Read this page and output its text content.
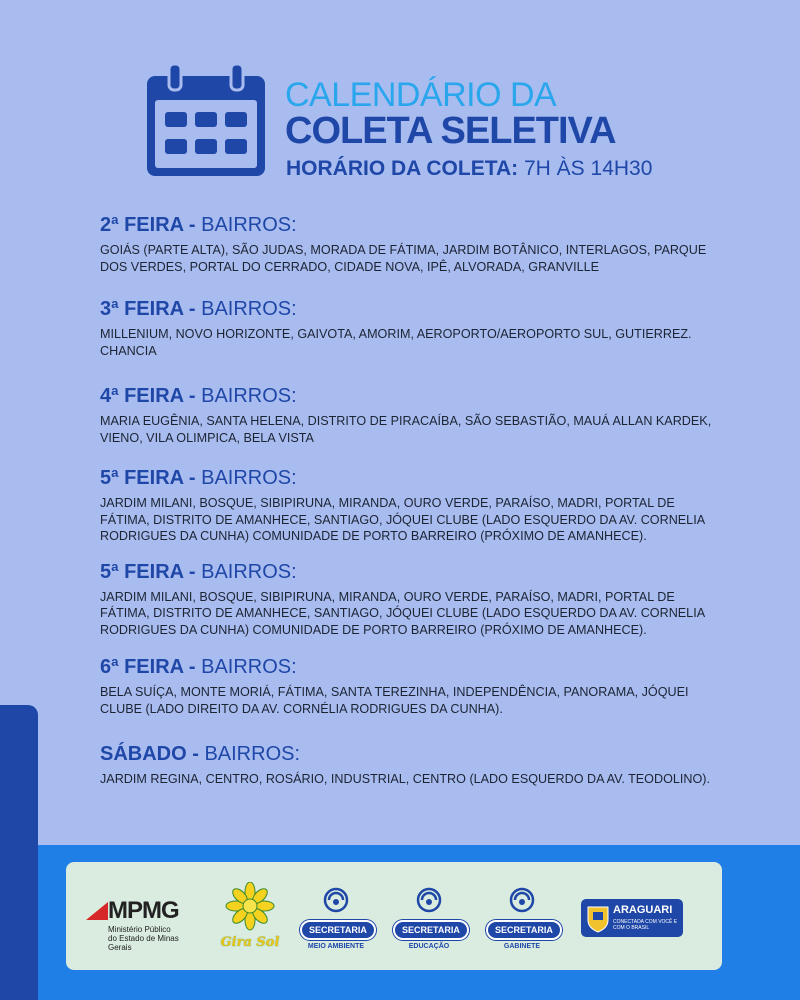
CALENDÁRIO DA
COLETA SELETIVA
HORÁRIO DA COLETA: 7H ÀS 14H30
2ª FEIRA - BAIRROS:
GOIÁS (PARTE ALTA), SÃO JUDAS, MORADA DE FÁTIMA, JARDIM BOTÂNICO, INTERLAGOS, PARQUE DOS VERDES, PORTAL DO CERRADO, CIDADE NOVA, IPÊ, ALVORADA, GRANVILLE
3ª FEIRA - BAIRROS:
MILLENIUM, NOVO HORIZONTE, GAIVOTA, AMORIM, AEROPORTO/AEROPORTO SUL, GUTIERREZ. CHANCIA
4ª FEIRA - BAIRROS:
MARIA EUGÊNIA, SANTA HELENA, DISTRITO DE PIRACAÍBA, SÃO SEBASTIÃO, MAUÁ ALLAN KARDEK, VIENO, VILA OLIMPICA, BELA VISTA
5ª FEIRA - BAIRROS:
JARDIM MILANI, BOSQUE, SIBIPIRUNA, MIRANDA, OURO VERDE, PARAÍSO, MADRI, PORTAL DE FÁTIMA, DISTRITO DE AMANHECE, SANTIAGO, JÓQUEI CLUBE (LADO ESQUERDO DA AV. CORNELIA RODRIGUES DA CUNHA) COMUNIDADE DE PORTO BARREIRO (PRÓXIMO DE AMANHECE).
5ª FEIRA - BAIRROS:
JARDIM MILANI, BOSQUE, SIBIPIRUNA, MIRANDA, OURO VERDE, PARAÍSO, MADRI, PORTAL DE FÁTIMA, DISTRITO DE AMANHECE, SANTIAGO, JÓQUEI CLUBE (LADO ESQUERDO DA AV. CORNELIA RODRIGUES DA CUNHA) COMUNIDADE DE PORTO BARREIRO (PRÓXIMO DE AMANHECE).
6ª FEIRA - BAIRROS:
BELA SUÍÇA, MONTE MORIÁ, FÁTIMA, SANTA TEREZINHA, INDEPENDÊNCIA, PANORAMA, JÓQUEI CLUBE (LADO DIREITO DA AV. CORNÉLIA RODRIGUES DA CUNHA).
SÁBADO - BAIRROS:
JARDIM REGINA, CENTRO, ROSÁRIO, INDUSTRIAL, CENTRO (LADO ESQUERDO DA AV. TEODOLINO).
MPMG
Ministério Público
do Estado de Minas Gerais	Gira Sol
SECRETARIA
MEIO AMBIENTE
SECRETARIA
EDUCAÇÃO
SECRETARIA
GABINETE
ARAGUARI
CONECTADA COM VOCÊ E COM O BRASIL
